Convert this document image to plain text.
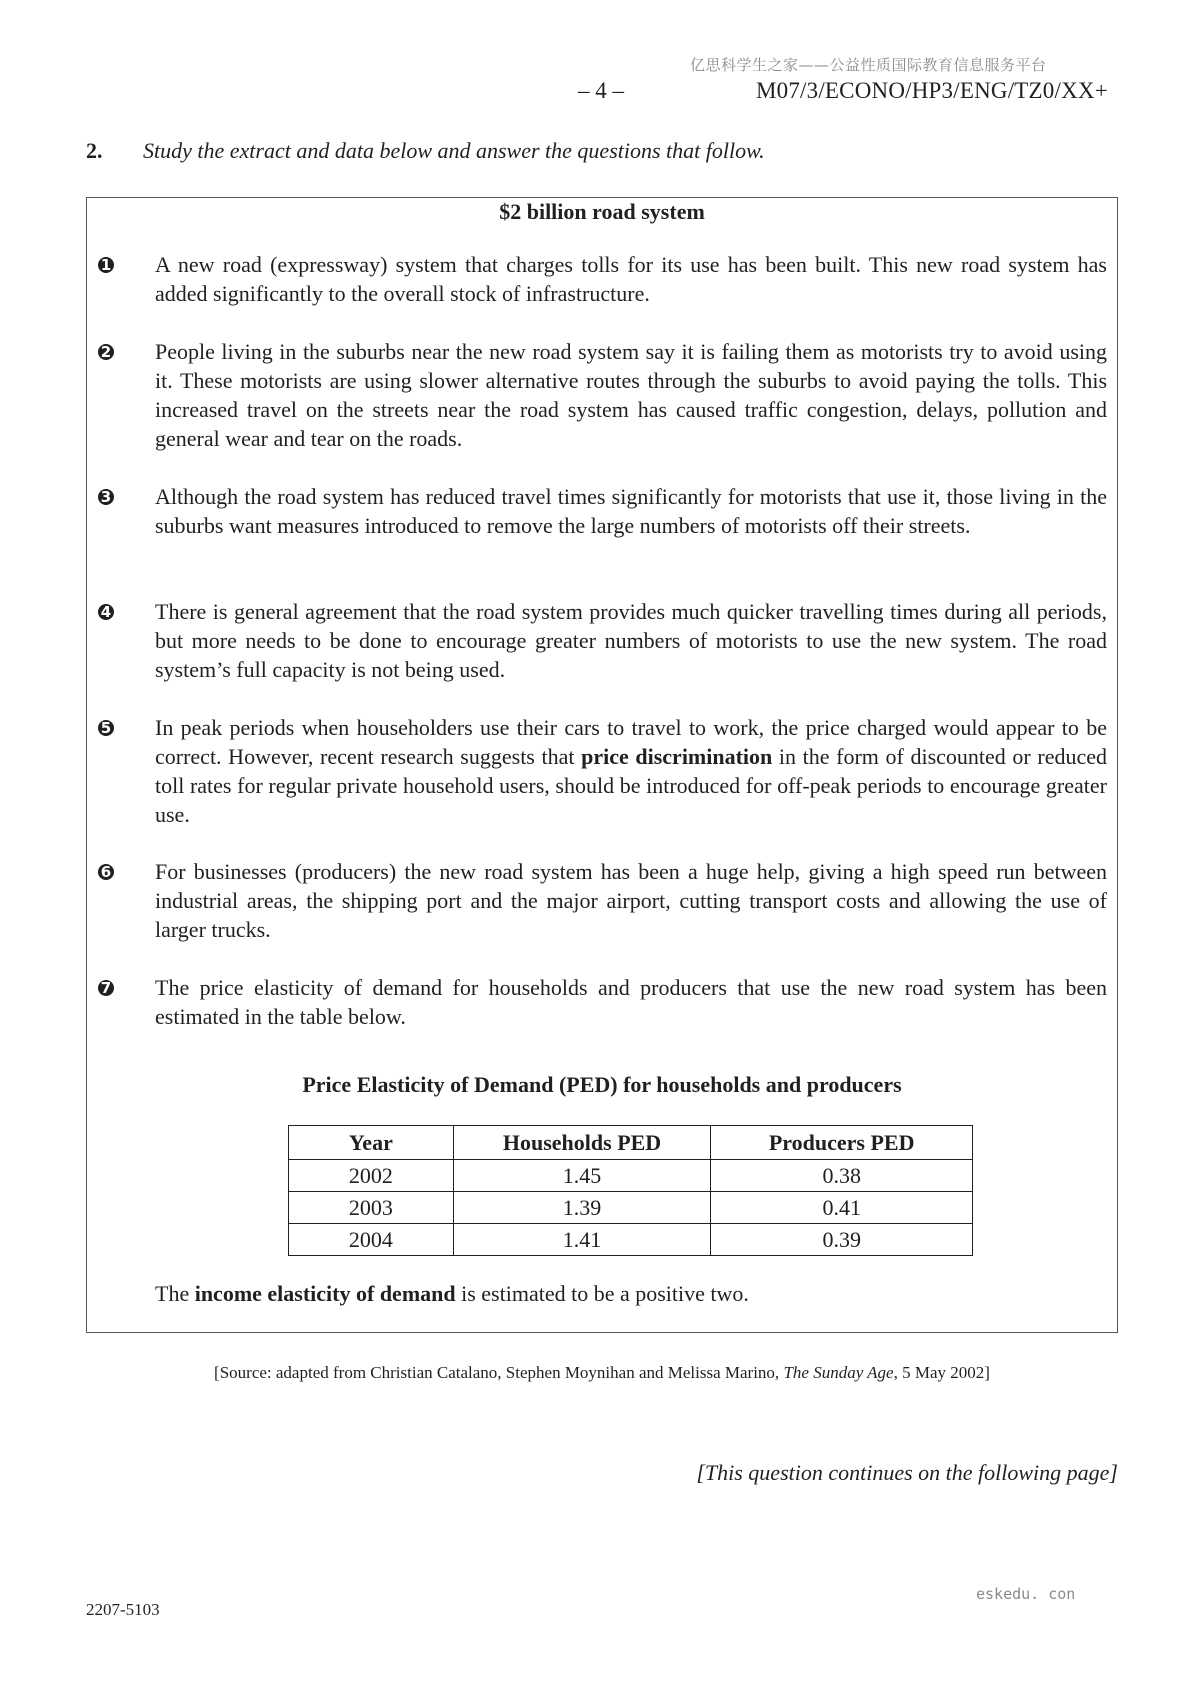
亿思科学生之家——公益性质国际教育信息服务平台
– 4 –	M07/3/ECONO/HP3/ENG/TZ0/XX+
2. Study the extract and data below and answer the questions that follow.
$2 billion road system
1 A new road (expressway) system that charges tolls for its use has been built. This new road system has added significantly to the overall stock of infrastructure.

2 People living in the suburbs near the new road system say it is failing them as motorists try to avoid using it. These motorists are using slower alternative routes through the suburbs to avoid paying the tolls. This increased travel on the streets near the road system has caused traffic congestion, delays, pollution and general wear and tear on the roads.

3 Although the road system has reduced travel times significantly for motorists that use it, those living in the suburbs want measures introduced to remove the large numbers of motorists off their streets.

4 There is general agreement that the road system provides much quicker travelling times during all periods, but more needs to be done to encourage greater numbers of motorists to use the new system. The road system’s full capacity is not being used.

5 In peak periods when householders use their cars to travel to work, the price charged would appear to be correct. However, recent research suggests that price discrimination in the form of discounted or reduced toll rates for regular private household users, should be introduced for off-peak periods to encourage greater use.

6 For businesses (producers) the new road system has been a huge help, giving a high speed run between industrial areas, the shipping port and the major airport, cutting transport costs and allowing the use of larger trucks.

7 The price elasticity of demand for households and producers that use the new road system has been estimated in the table below.

Price Elasticity of Demand (PED) for households and producers
Year	Households PED	Producers PED
2002	1.45	0.38
2003	1.39	0.41
2004	1.41	0.39
The income elasticity of demand is estimated to be a positive two.
[Source: adapted from Christian Catalano, Stephen Moynihan and Melissa Marino, The Sunday Age, 5 May 2002]
[This question continues on the following page]
2207-5103
eskedu. con
